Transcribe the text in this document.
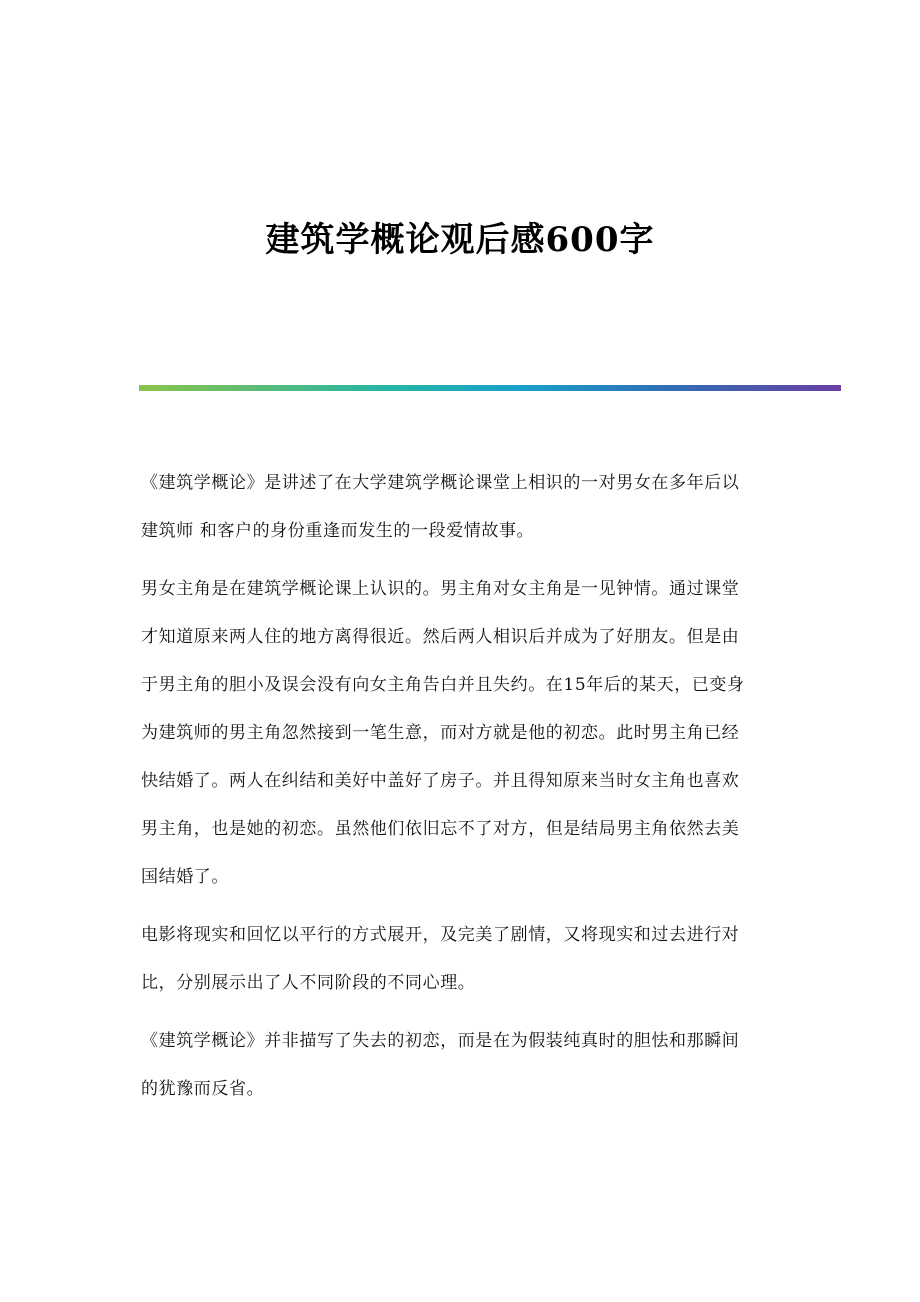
建筑学概论观后感600字

《建筑学概论》是讲述了在大学建筑学概论课堂上相识的一对男女在多年后以
建筑师 和客户的身份重逢而发生的一段爱情故事。

男女主角是在建筑学概论课上认识的。男主角对女主角是一见钟情。通过课堂
才知道原来两人住的地方离得很近。然后两人相识后并成为了好朋友。但是由
于男主角的胆小及误会没有向女主角告白并且失约。在15年后的某天，已变身
为建筑师的男主角忽然接到一笔生意，而对方就是他的初恋。此时男主角已经
快结婚了。两人在纠结和美好中盖好了房子。并且得知原来当时女主角也喜欢
男主角，也是她的初恋。虽然他们依旧忘不了对方，但是结局男主角依然去美
国结婚了。

电影将现实和回忆以平行的方式展开，及完美了剧情，又将现实和过去进行对
比，分别展示出了人不同阶段的不同心理。

《建筑学概论》并非描写了失去的初恋，而是在为假装纯真时的胆怯和那瞬间
的犹豫而反省。
